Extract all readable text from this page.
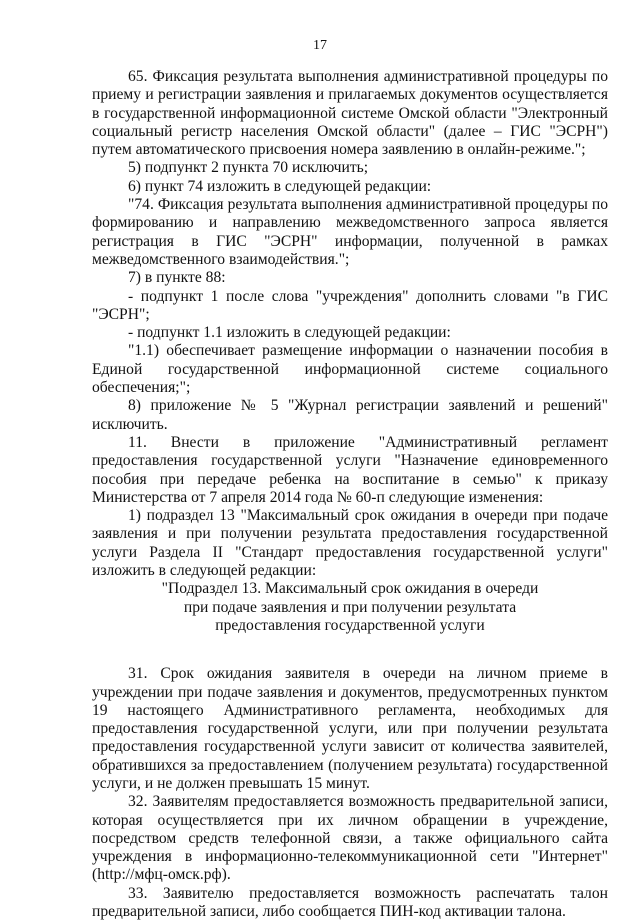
17

65. Фиксация результата выполнения административной процедуры по приему и регистрации заявления и прилагаемых документов осуществляется в государственной информационной системе Омской области "Электронный социальный регистр населения Омской области" (далее – ГИС "ЭСРН") путем автоматического присвоения номера заявлению в онлайн-режиме.";

5) подпункт 2 пункта 70 исключить;

6) пункт 74 изложить в следующей редакции:

"74. Фиксация результата выполнения административной процедуры по формированию и направлению межведомственного запроса является регистрация в ГИС "ЭСРН" информации, полученной в рамках межведомственного взаимодействия.";

7) в пункте 88:

- подпункт 1 после слова "учреждения" дополнить словами "в ГИС "ЭСРН";

- подпункт 1.1 изложить в следующей редакции:

"1.1) обеспечивает размещение информации о назначении пособия в Единой государственной информационной системе социального обеспечения;";

8) приложение № 5 "Журнал регистрации заявлений и решений" исключить.

11. Внести в приложение "Административный регламент предоставления государственной услуги "Назначение единовременного пособия при передаче ребенка на воспитание в семью" к приказу Министерства от 7 апреля 2014 года № 60-п следующие изменения:

1) подраздел 13 "Максимальный срок ожидания в очереди при подаче заявления и при получении результата предоставления государственной услуги Раздела II "Стандарт предоставления государственной услуги" изложить в следующей редакции:

"Подраздел 13. Максимальный срок ожидания в очереди

при подаче заявления и при получении результата

предоставления государственной услуги

31. Срок ожидания заявителя в очереди на личном приеме в учреждении при подаче заявления и документов, предусмотренных пунктом 19 настоящего Административного регламента, необходимых для предоставления государственной услуги, или при получении результата предоставления государственной услуги зависит от количества заявителей, обратившихся за предоставлением (получением результата) государственной услуги, и не должен превышать 15 минут.

32. Заявителям предоставляется возможность предварительной записи, которая осуществляется при их личном обращении в учреждение, посредством средств телефонной связи, а также официального сайта учреждения в информационно-телекоммуникационной сети "Интернет" (http://мфц-омск.рф).

33. Заявителю предоставляется возможность распечатать талон предварительной записи, либо сообщается ПИН-код активации талона.
